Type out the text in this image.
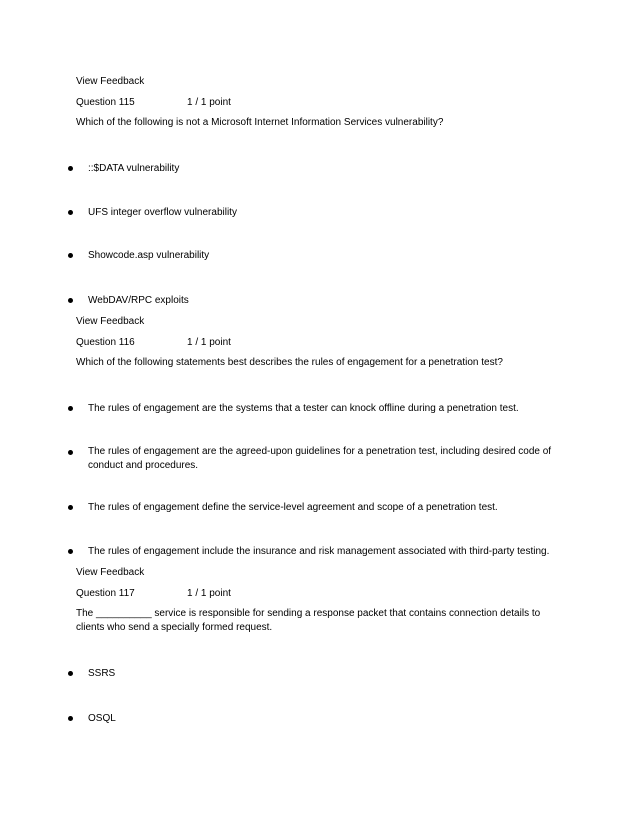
View Feedback
Question 115	1 / 1 point
Which of the following is not a Microsoft Internet Information Services vulnerability?
::$DATA vulnerability
UFS integer overflow vulnerability
Showcode.asp vulnerability
WebDAV/RPC exploits
View Feedback
Question 116	1 / 1 point
Which of the following statements best describes the rules of engagement for a penetration test?
The rules of engagement are the systems that a tester can knock offline during a penetration test.
The rules of engagement are the agreed-upon guidelines for a penetration test, including desired code of conduct and procedures.
The rules of engagement define the service-level agreement and scope of a penetration test.
The rules of engagement include the insurance and risk management associated with third-party testing.
View Feedback
Question 117	1 / 1 point
The __________ service is responsible for sending a response packet that contains connection details to clients who send a specially formed request.
SSRS
OSQL
